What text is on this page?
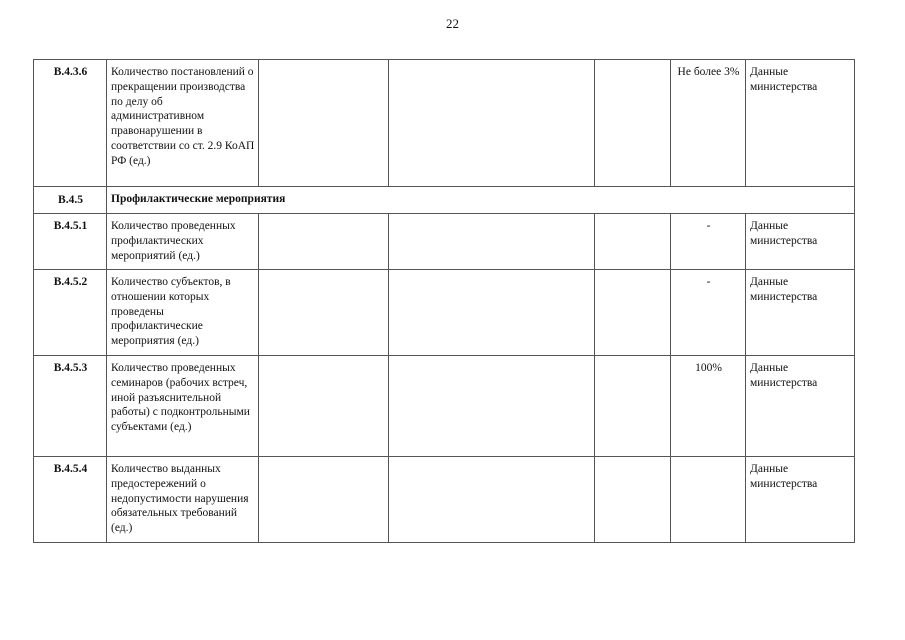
22
В.4.3.6	Количество постановлений о прекращении производства по делу об административном правонарушении в соответствии со ст. 2.9 КоАП РФ (ед.)				Не более 3%	Данные министерства
В.4.5	Профилактические мероприятия					
В.4.5.1	Количество проведенных профилактических мероприятий (ед.)				-	Данные министерства
В.4.5.2	Количество субъектов, в отношении которых проведены профилактические мероприятия (ед.)				-	Данные министерства
В.4.5.3	Количество проведенных семинаров (рабочих встреч, иной разъяснительной работы) с подконтрольными субъектами (ед.)				100%	Данные министерства
В.4.5.4	Количество выданных предостережений о недопустимости нарушения обязательных требований (ед.)					Данные министерства
